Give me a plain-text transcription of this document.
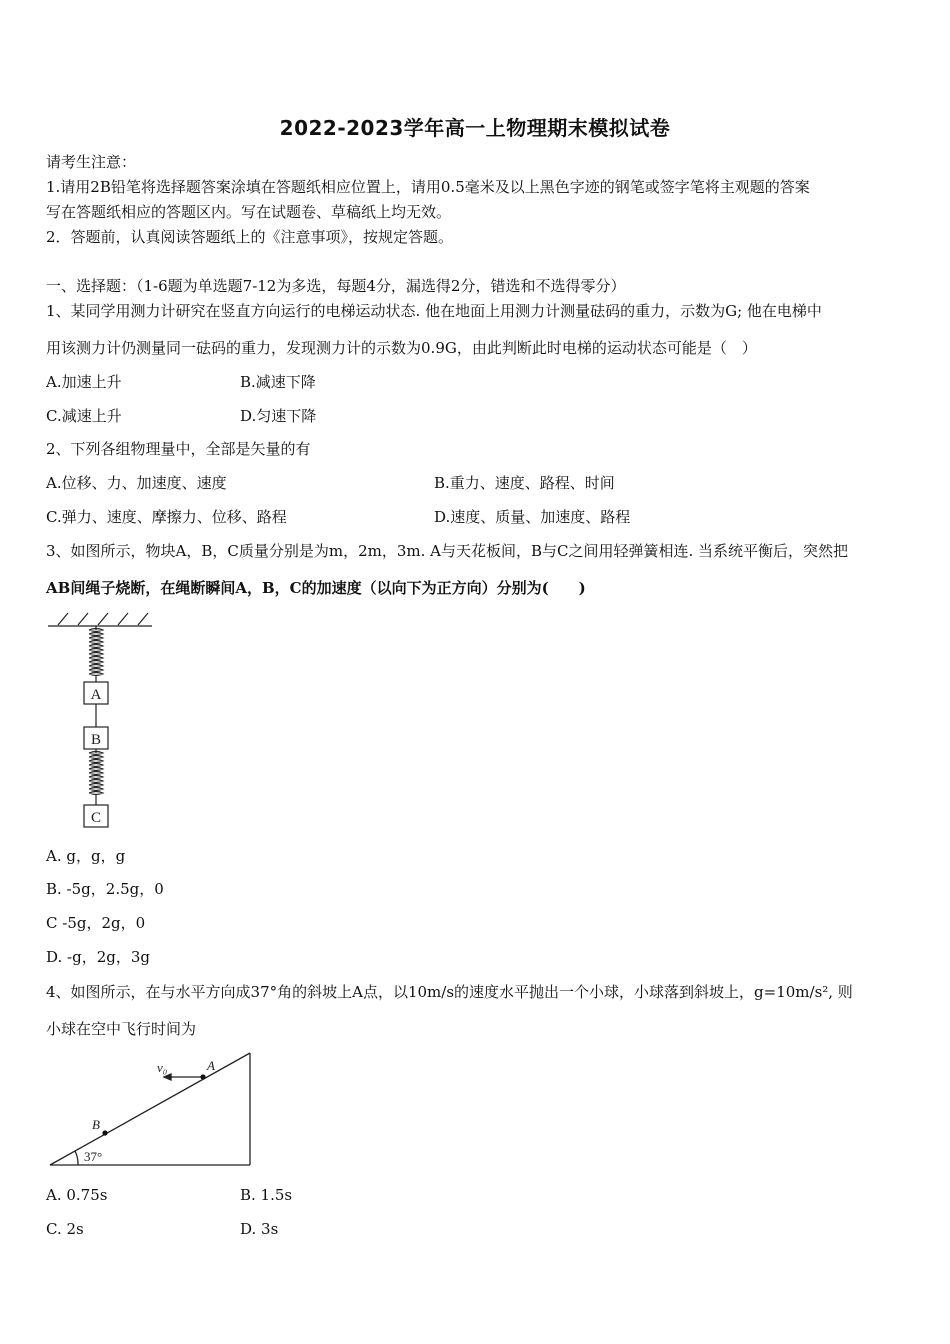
2022-2023学年高一上物理期末模拟试卷
请考生注意：
1.请用2B铅笔将选择题答案涂填在答题纸相应位置上，请用0.5毫米及以上黑色字迹的钢笔或签字笔将主观题的答案
写在答题纸相应的答题区内。写在试题卷、草稿纸上均无效。
2．答题前，认真阅读答题纸上的《注意事项》，按规定答题。
一、选择题：（1-6题为单选题7-12为多选，每题4分，漏选得2分，错选和不选得零分）
1、某同学用测力计研究在竖直方向运行的电梯运动状态. 他在地面上用测力计测量砝码的重力，示数为G; 他在电梯中
用该测力计仍测量同一砝码的重力，发现测力计的示数为0.9G，由此判断此时电梯的运动状态可能是（　）
A.加速上升	B.减速下降
C.减速上升	D.匀速下降
2、下列各组物理量中，全部是矢量的有
A.位移、力、加速度、速度	B.重力、速度、路程、时间
C.弹力、速度、摩擦力、位移、路程	D.速度、质量、加速度、路程
3、如图所示，物块A，B，C质量分别是为m，2m，3m. A与天花板间，B与C之间用轻弹簧相连. 当系统平衡后，突然把
AB间绳子烧断，在绳断瞬间A，B，C的加速度（以向下为正方向）分别为(　　)
A
B
C
A. g，g，g
B. -5g，2.5g，0
C -5g，2g，0
D. -g，2g，3g
4、如图所示，在与水平方向成37°角的斜坡上A点，以10m/s的速度水平抛出一个小球，小球落到斜坡上，g=10m/s², 则
小球在空中飞行时间为
v₀	A
B
37°
A. 0.75s	B. 1.5s
C. 2s	D. 3s
